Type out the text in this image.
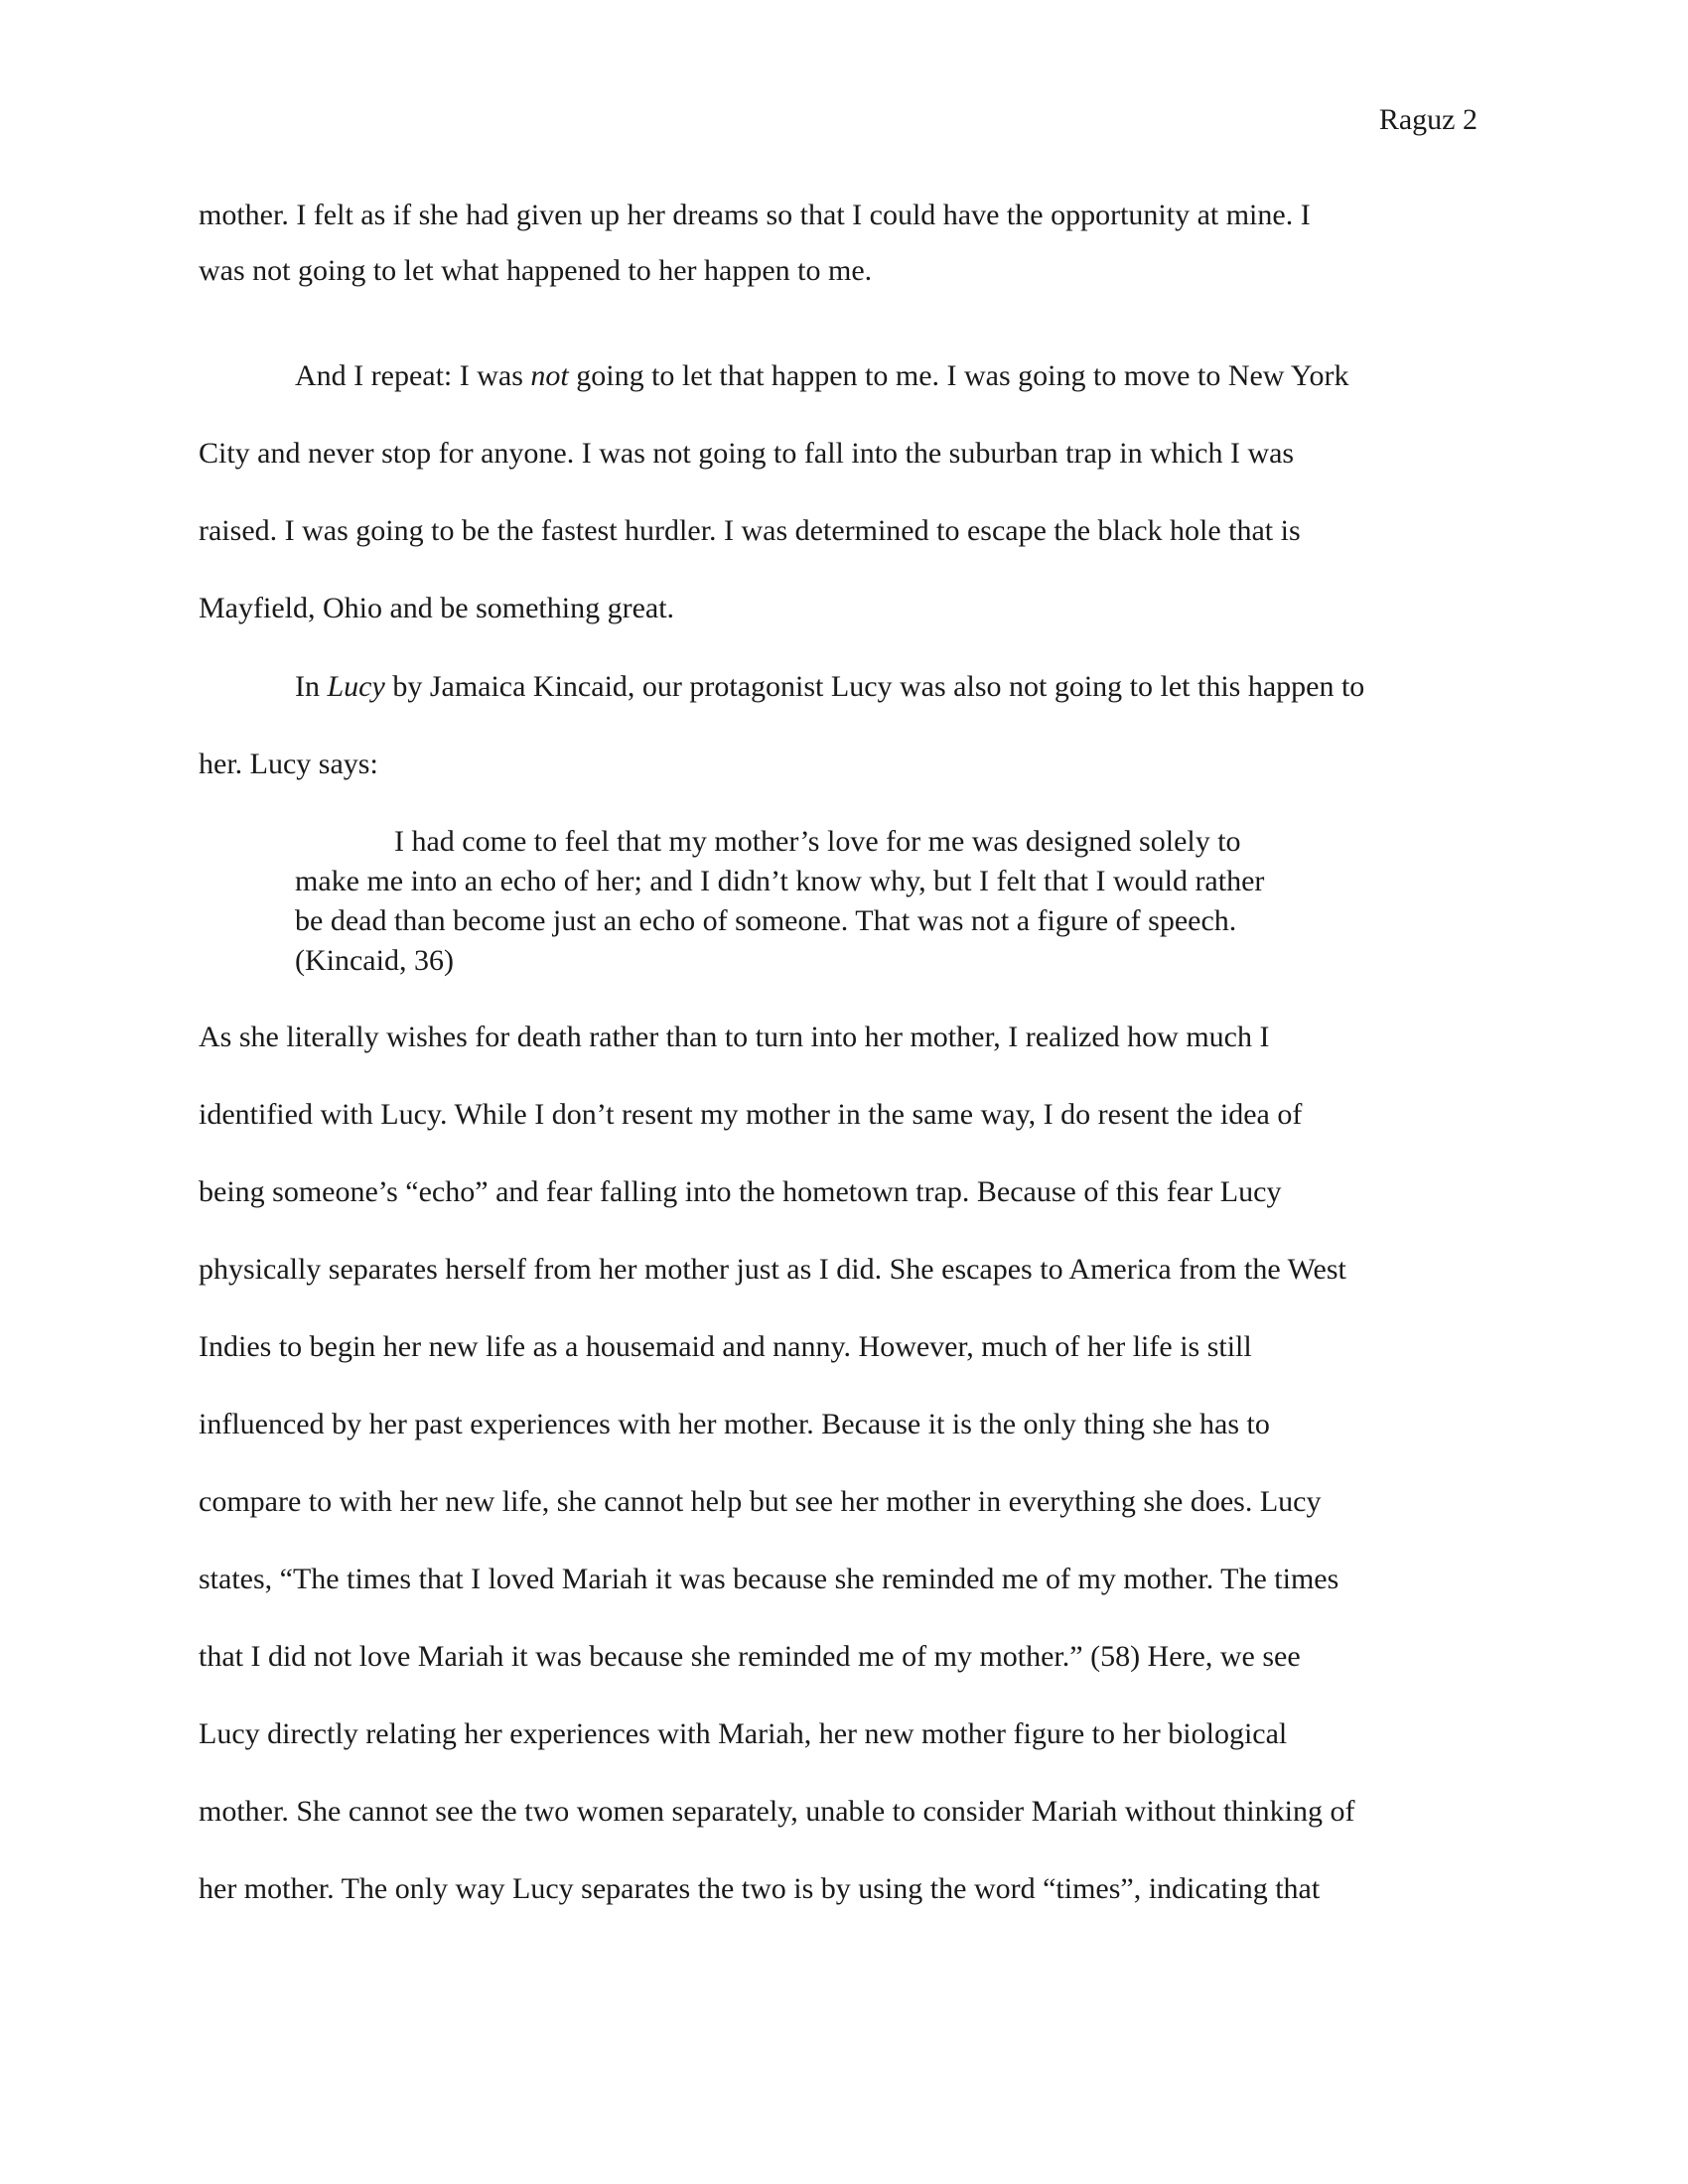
Raguz 2
mother. I felt as if she had given up her dreams so that I could have the opportunity at mine. I
was not going to let what happened to her happen to me.
And I repeat: I was not going to let that happen to me. I was going to move to New York
City and never stop for anyone. I was not going to fall into the suburban trap in which I was
raised. I was going to be the fastest hurdler. I was determined to escape the black hole that is
Mayfield, Ohio and be something great.
In Lucy by Jamaica Kincaid, our protagonist Lucy was also not going to let this happen to
her. Lucy says:
I had come to feel that my mother’s love for me was designed solely to
make me into an echo of her; and I didn’t know why, but I felt that I would rather
be dead than become just an echo of someone. That was not a figure of speech.
(Kincaid, 36)
As she literally wishes for death rather than to turn into her mother, I realized how much I
identified with Lucy. While I don’t resent my mother in the same way, I do resent the idea of
being someone’s “echo” and fear falling into the hometown trap. Because of this fear Lucy
physically separates herself from her mother just as I did. She escapes to America from the West
Indies to begin her new life as a housemaid and nanny. However, much of her life is still
influenced by her past experiences with her mother. Because it is the only thing she has to
compare to with her new life, she cannot help but see her mother in everything she does. Lucy
states, “The times that I loved Mariah it was because she reminded me of my mother. The times
that I did not love Mariah it was because she reminded me of my mother.” (58) Here, we see
Lucy directly relating her experiences with Mariah, her new mother figure to her biological
mother. She cannot see the two women separately, unable to consider Mariah without thinking of
her mother. The only way Lucy separates the two is by using the word “times”, indicating that
